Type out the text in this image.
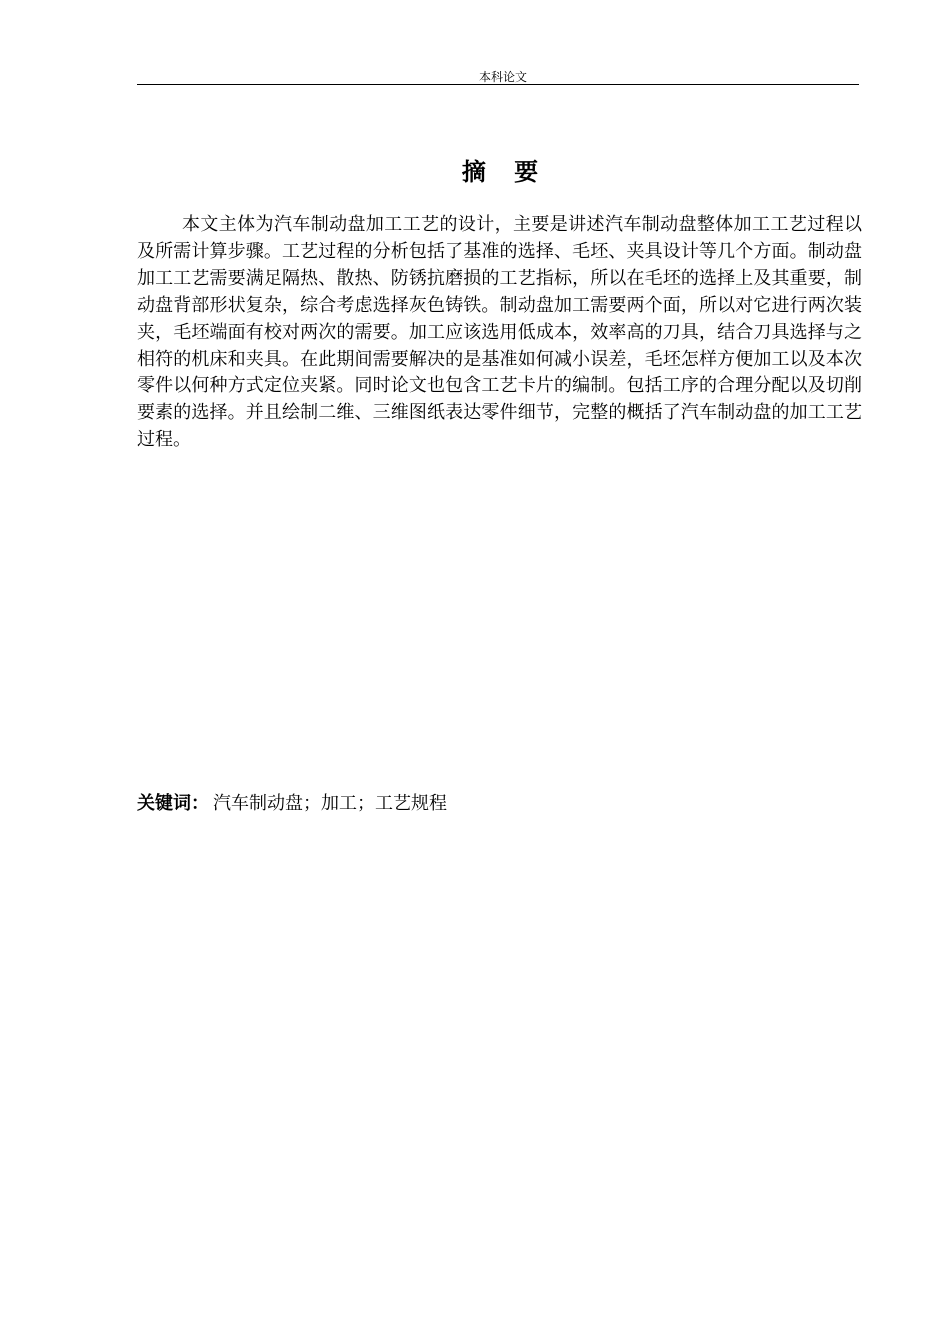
本科论文
摘 要

本文主体为汽车制动盘加工工艺的设计，主要是讲述汽车制动盘整体加工工艺过程以及所需计算步骤。工艺过程的分析包括了基准的选择、毛坯、夹具设计等几个方面。制动盘加工工艺需要满足隔热、散热、防锈抗磨损的工艺指标，所以在毛坯的选择上及其重要，制动盘背部形状复杂，综合考虑选择灰色铸铁。制动盘加工需要两个面，所以对它进行两次装夹，毛坯端面有校对两次的需要。加工应该选用低成本，效率高的刀具，结合刀具选择与之相符的机床和夹具。在此期间需要解决的是基准如何减小误差，毛坯怎样方便加工以及本次零件以何种方式定位夹紧。同时论文也包含工艺卡片的编制。包括工序的合理分配以及切削要素的选择。并且绘制二维、三维图纸表达零件细节，完整的概括了汽车制动盘的加工工艺过程。

关键词： 汽车制动盘；加工；工艺规程
